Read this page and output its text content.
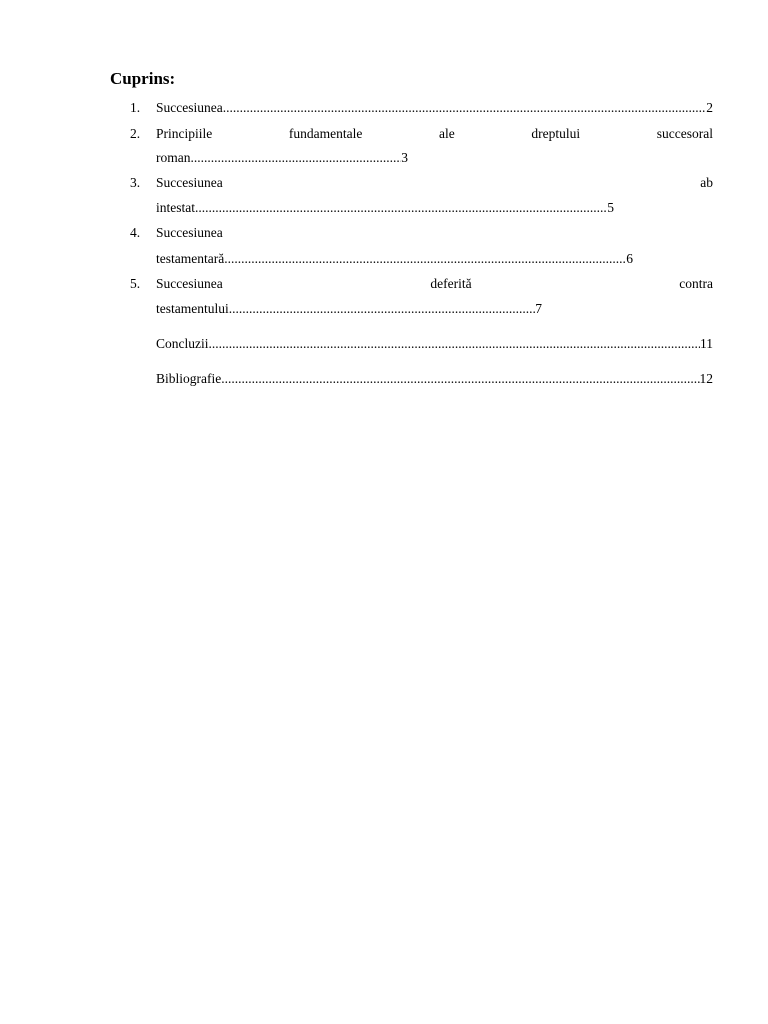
Cuprins:
1.	Succesiunea .....	2
2.	Principiile	fundamentale	ale	dreptului	succesoral
roman .....	3
3.	Succesiunea	ab
intestat .....	5
4.	Succesiunea
testamentară .....	6
5.	Succesiunea	deferită	contra
testamentului .....	7
Concluzii .....	11
Bibliografie .....	12
